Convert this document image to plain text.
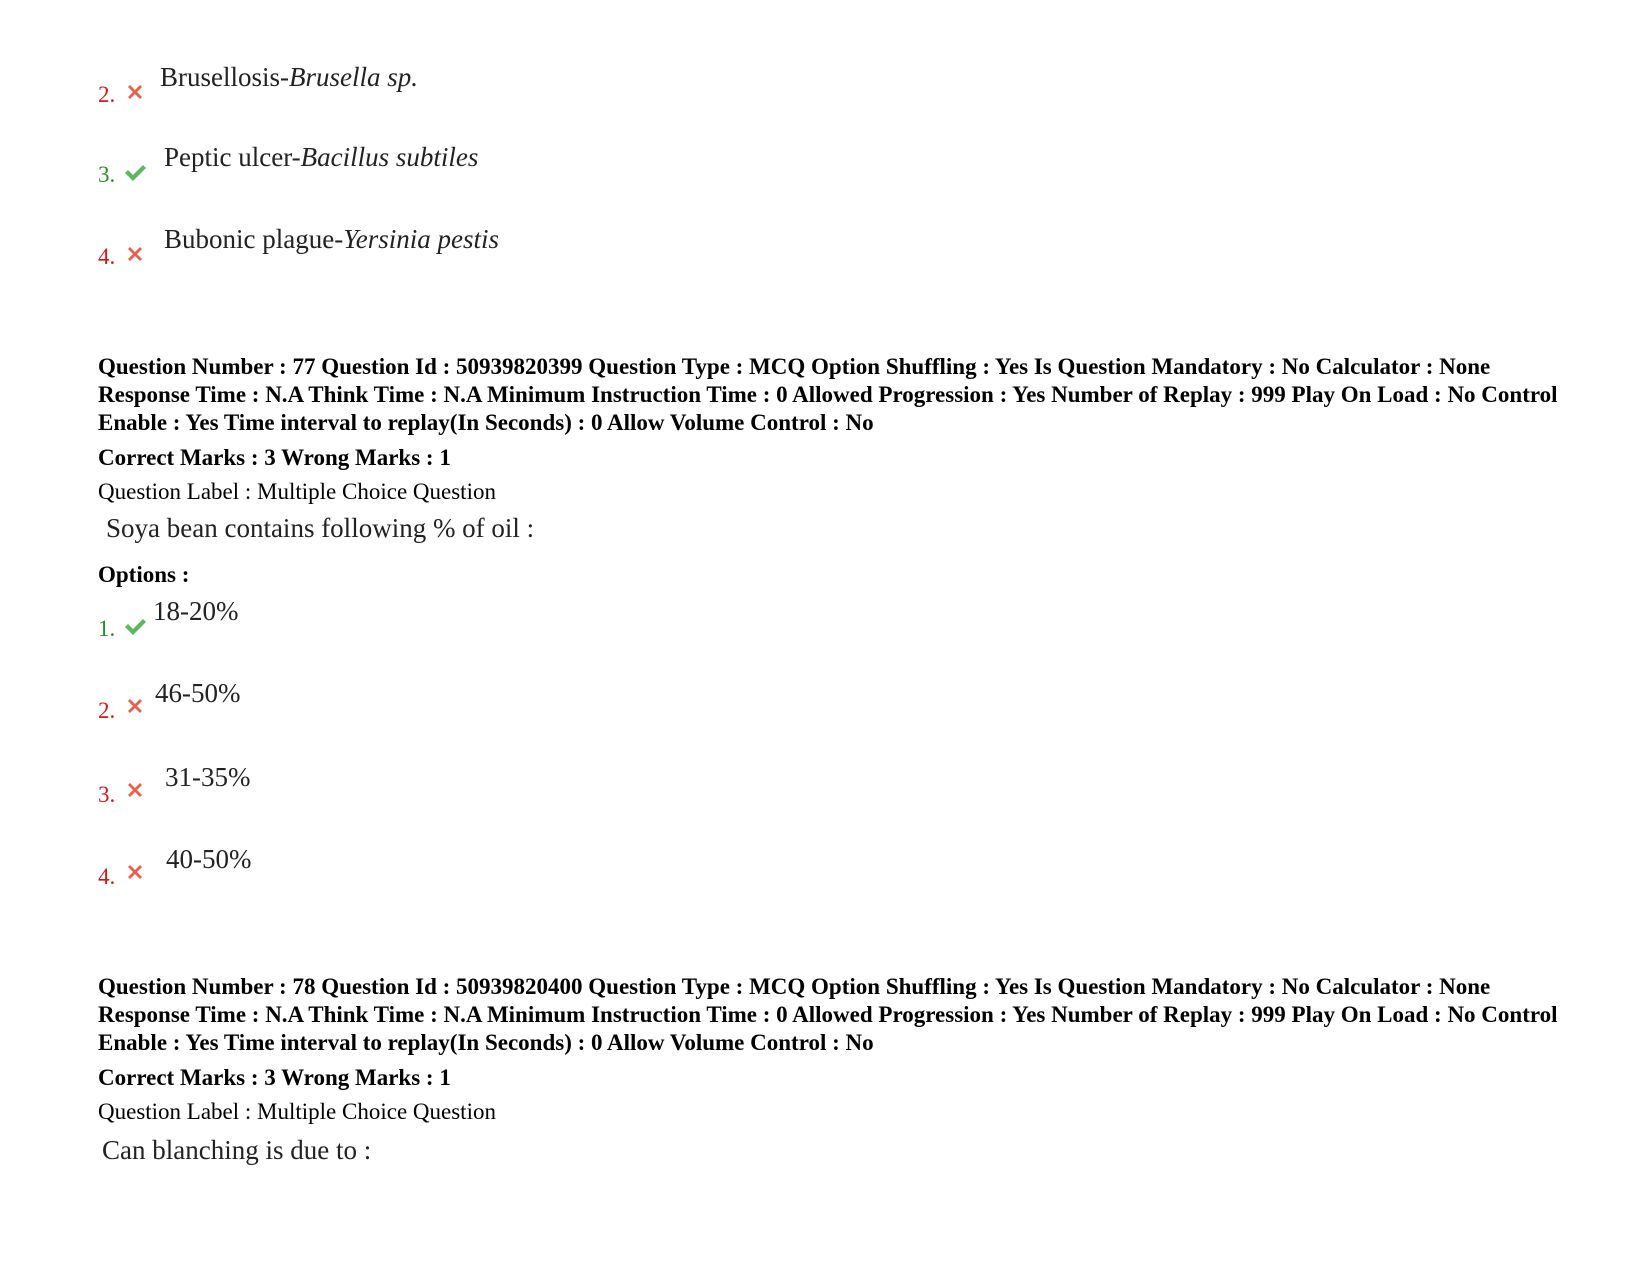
2.
Brusellosis-Brusella sp.
3.
Peptic ulcer-Bacillus subtiles
4.
Bubonic plague-Yersinia pestis
Question Number : 77 Question Id : 50939820399 Question Type : MCQ Option Shuffling : Yes Is Question Mandatory : No Calculator : None Response Time : N.A Think Time : N.A Minimum Instruction Time : 0 Allowed Progression : Yes Number of Replay : 999 Play On Load : No Control Enable : Yes Time interval to replay(In Seconds) : 0 Allow Volume Control : No
Correct Marks : 3 Wrong Marks : 1
Question Label : Multiple Choice Question
Soya bean contains following % of oil :
Options :
1.
18-20%
2.
46-50%
3.
31-35%
4.
40-50%
Question Number : 78 Question Id : 50939820400 Question Type : MCQ Option Shuffling : Yes Is Question Mandatory : No Calculator : None Response Time : N.A Think Time : N.A Minimum Instruction Time : 0 Allowed Progression : Yes Number of Replay : 999 Play On Load : No Control Enable : Yes Time interval to replay(In Seconds) : 0 Allow Volume Control : No
Correct Marks : 3 Wrong Marks : 1
Question Label : Multiple Choice Question
Can blanching is due to :
